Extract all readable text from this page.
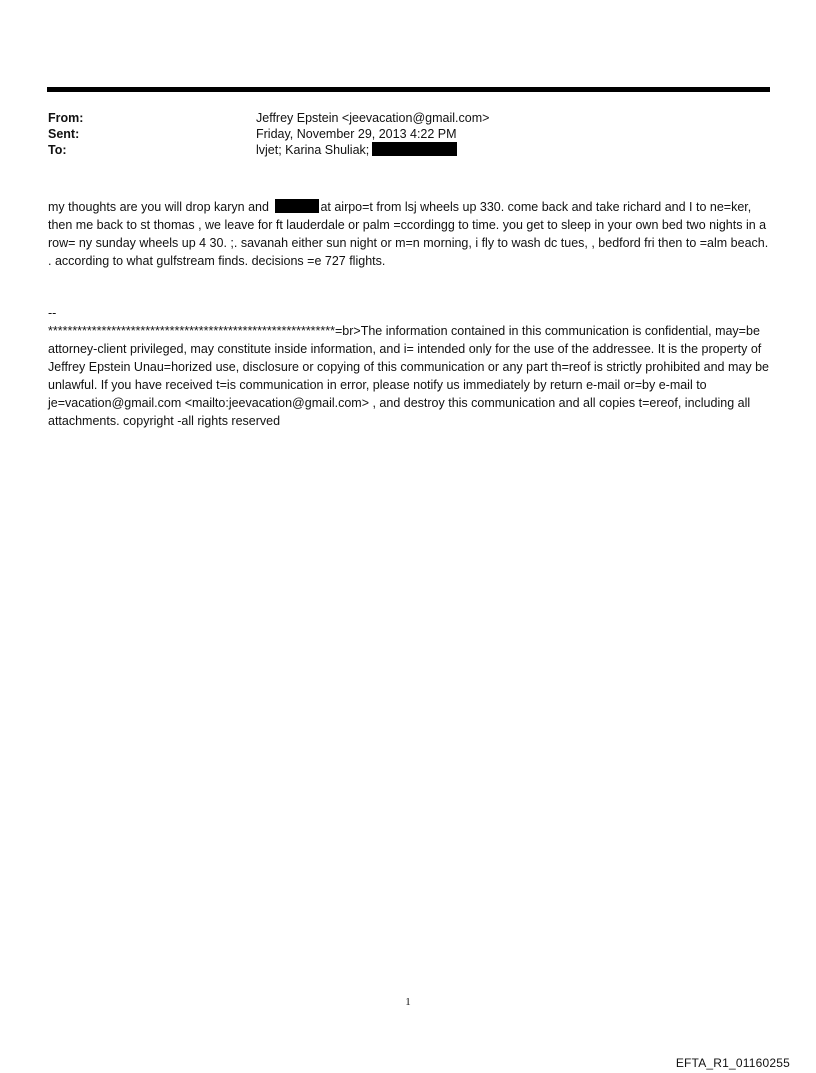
From:	Jeffrey Epstein <jeevacation@gmail.com>
Sent:	Friday, November 29, 2013 4:22 PM
To:	lvjet; Karina Shuliak;

my thoughts are you will drop karyn and	at airpo=t from lsj wheels up 330. come back and take richard and I to ne=ker, then me back to st thomas , we leave for ft lauderdale or palm =ccordingg to time. you get to sleep in your own bed two nights in a row= ny sunday wheels up 4 30. ;. savanah either sun night or m=n morning, i fly to wash dc tues, , bedford fri then to =alm beach. . according to what gulfstream finds. decisions =e 727 flights.

--

***********************************************************=br>The information contained in this communication is confidential, may=be attorney-client privileged, may constitute inside information, and i= intended only for the use of the addressee. It is the property of Jeffrey Epstein Unau=horized use, disclosure or copying of this communication or any part th=reof is strictly prohibited and may be unlawful. If you have received t=is communication in error, please notify us immediately by return e-mail or=by e-mail to je=vacation@gmail.com <mailto:jeevacation@gmail.com> , and destroy this communication and all copies t=ereof, including all attachments. copyright -all rights reserved

1
EFTA_R1_01160255
